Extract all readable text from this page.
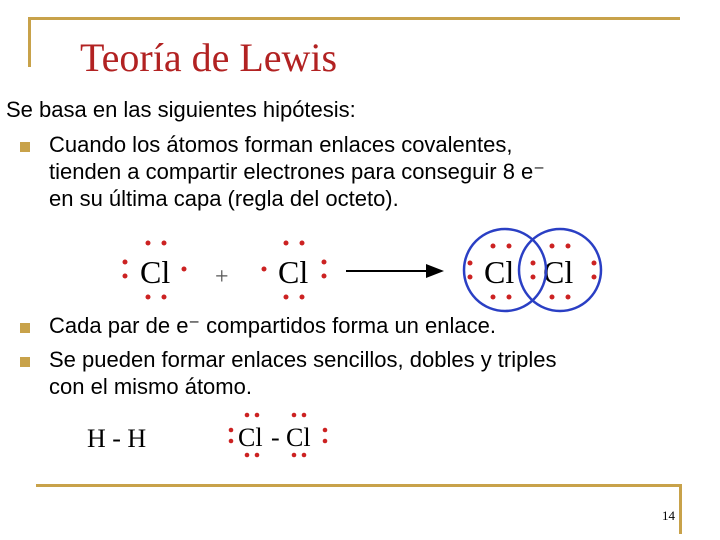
Teoría de Lewis
Se basa en las siguientes hipótesis:
Cuando los átomos forman enlaces covalentes,
tienden a compartir electrones para conseguir 8 e⁻
en su última capa (regla del octeto).
Cl + Cl	Cl Cl
Cada par de e⁻ compartidos forma un enlace.
Se pueden formar enlaces sencillos, dobles y triples
con el mismo átomo.
H - H	Cl - Cl
14
